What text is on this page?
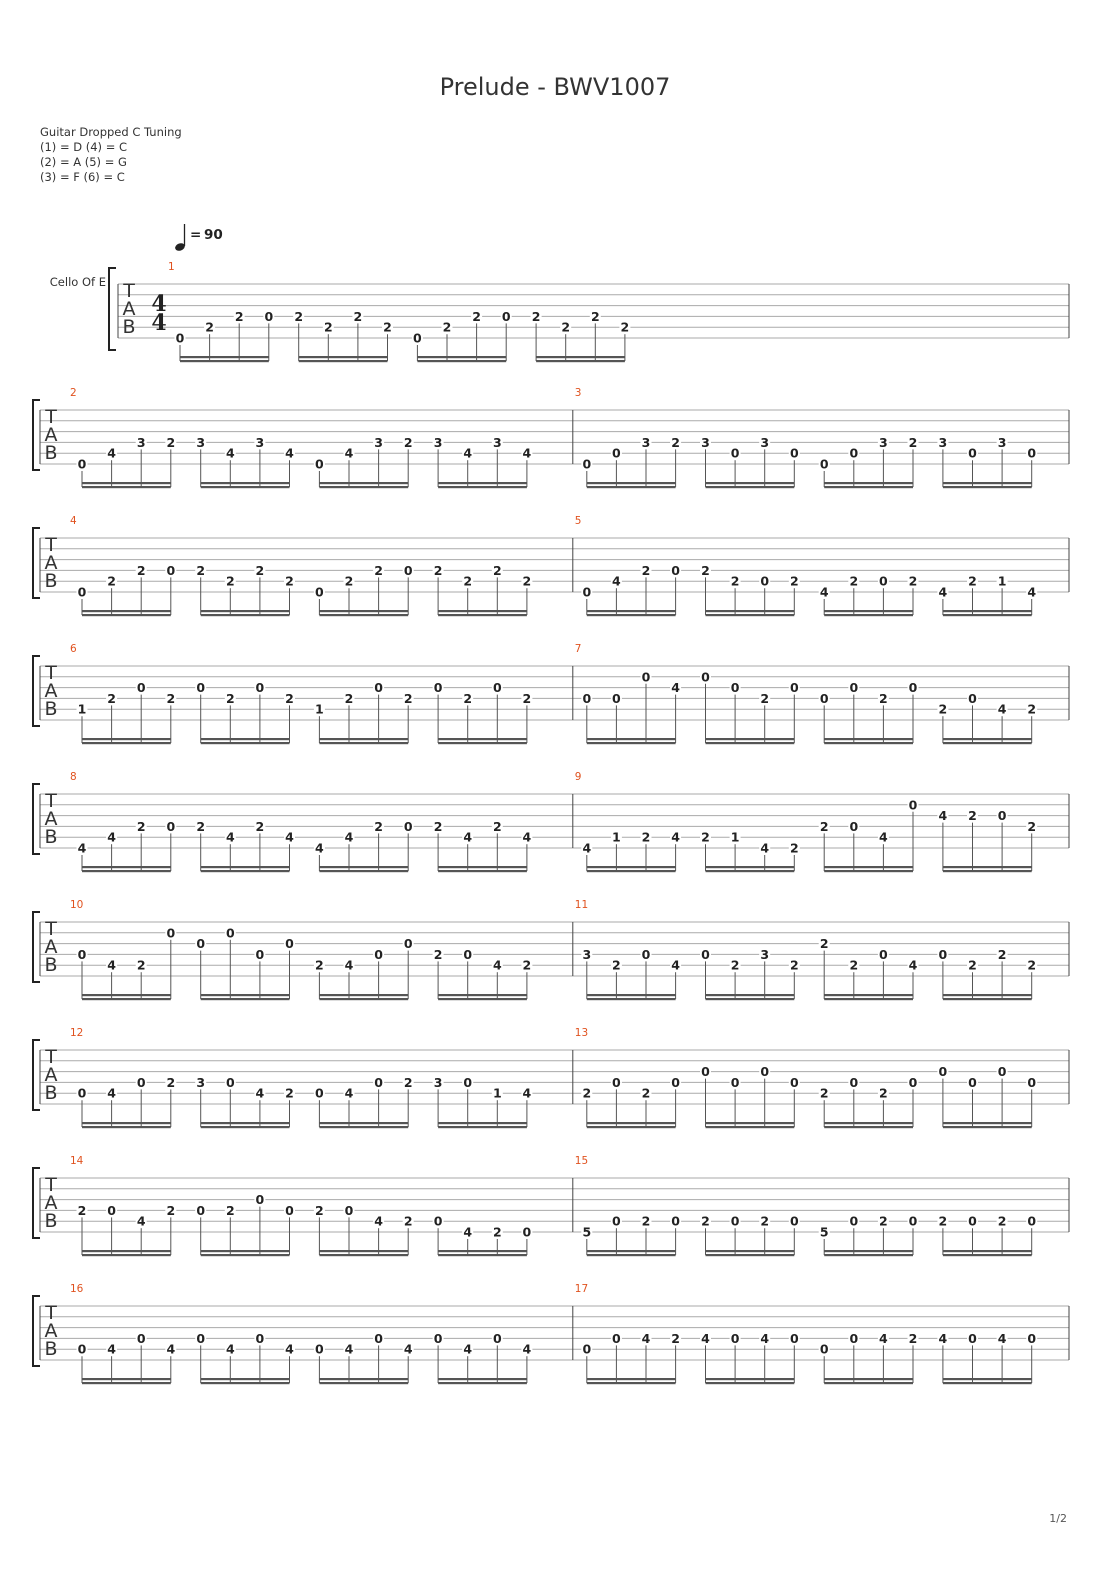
Prelude - BWV1007
Guitar Dropped C Tuning
(1) = D (4) = C
(2) = A (5) = G
(3) = F (6) = C
= 90
Cello Of E T
A
B
4
4
1
0
2
2 0 2
2
2
2
0
2
2 0 2
2
2
2
T
A
B
2
0
4
3 2 3
4
3
4
0
4
3 2 3
4
3
4
3
0
0
3 2 3
0
3
0
0
0
3 2 3
0
3
0
T
A
B
4
0
2
2 0 2
2
2
2
0
2
2 0 2
2
2
2
5
0
4
2 0 2
2 0 2
4
2 0 2
4
2 1
4
T
A
B
6
1
2
0
2
0
2
0
2
1
2
0
2
0
2
0
2
7
0 0
0
4
0
0
2
0
0
0
2
0
2
0
4 2
T
A
B
8
4
4
2 0 2
4
2
4
4
4
2 0 2
4
2
4
9
4
1 2 4 2 1
4 2
2 0
4
0
4 2 0
2
T
A
B
10
0
4 2
0
0
0
0
0
2 4
0
0
2 0
4 2
11
3
2
0
4
0
2
3
2
2
2
0
4
0
2
2
2
T
A
B
12
0 4
0 2 3 0
4 2 0 4
0 2 3 0
1 4
13
2
0
2
0
0
0
0
0
2
0
2
0
0
0
0
0
T
A
B
14
2 0
4
2 0 2
0
0 2 0
4 2 0
4 2 0
15
5
0 2 0 2 0 2 0
5
0 2 0 2 0 2 0
T
A
B
16
0 4
0
4
0
4
0
4 0 4
0
4
0
4
0
4
17
0
0 4 2 4 0 4 0
0
0 4 2 4 0 4 0
1/2
